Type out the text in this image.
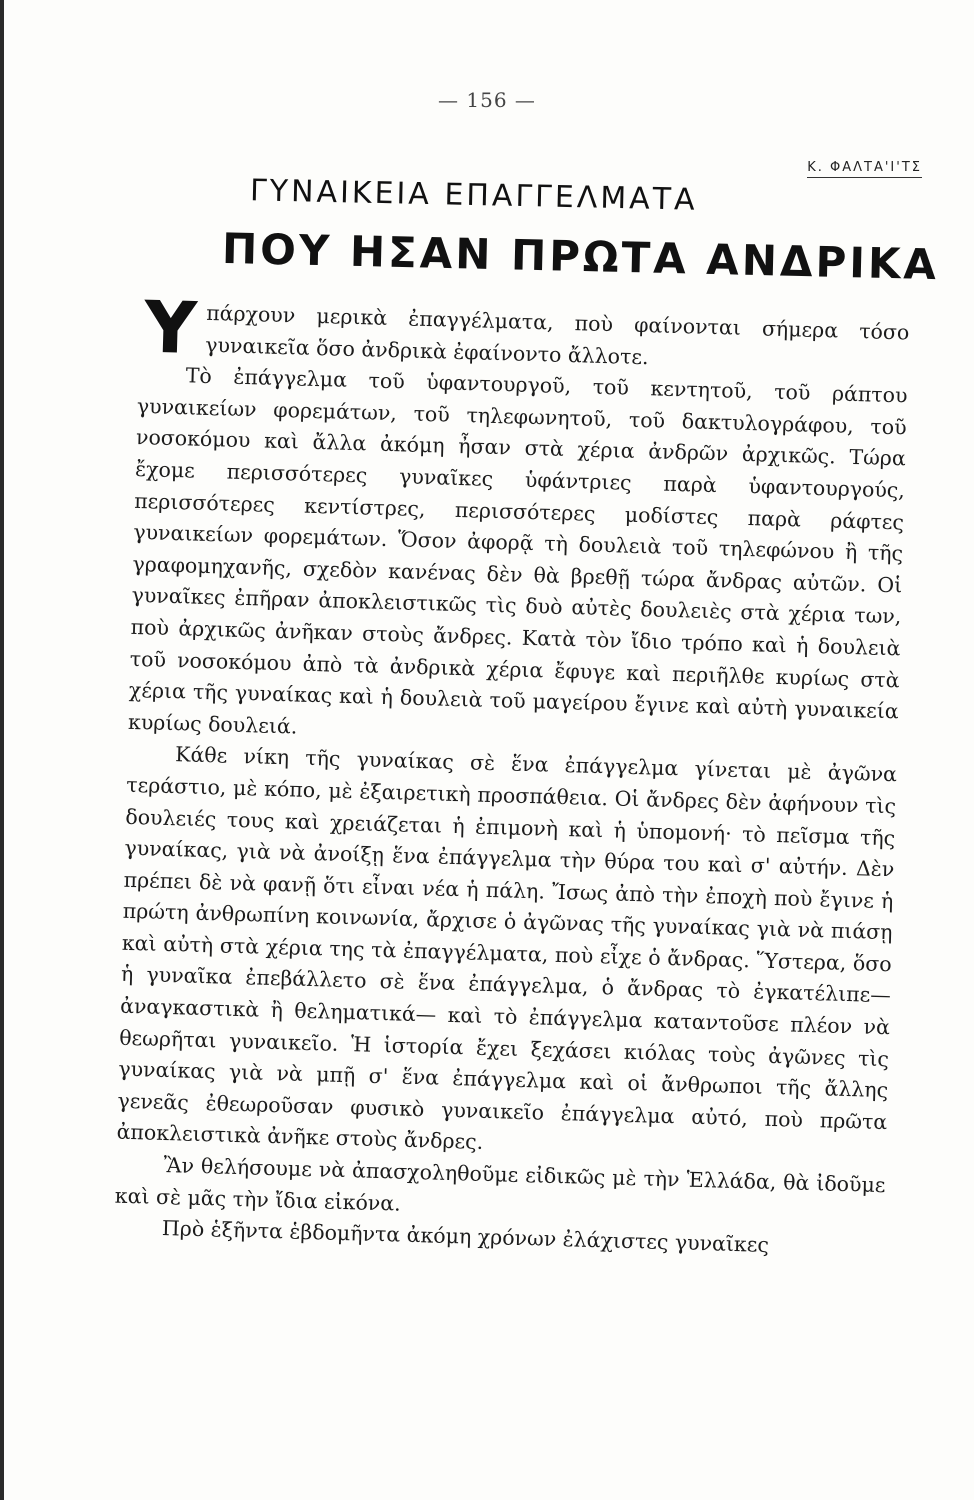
— 156 —
Κ. ΦΑΛΤΑ'Ι'ΤΣ
ΓΥΝΑΙΚΕΙΑ ΕΠΑΓΓΕΛΜΑΤΑ
ΠΟΥ ΗΣΑΝ ΠΡΩΤΑ ΑΝΔΡΙΚΑ

Υ πάρχουν μερικὰ ἐπαγγέλματα, ποὺ φαίνονται σήμερα τόσο γυναικεῖα ὅσο ἀνδρικὰ ἐφαίνοντο ἄλλοτε.

Τὸ ἐπάγγελμα τοῦ ὑφαντουργοῦ, τοῦ κεντητοῦ, τοῦ ράπτου γυναικείων φορεμάτων, τοῦ τηλεφωνητοῦ, τοῦ δακτυλογράφου, τοῦ νοσοκόμου καὶ ἄλλα ἀκόμη ἦσαν στὰ χέρια ἀνδρῶν ἀρχικῶς. Τώρα ἔχομε περισσότερες γυναῖκες ὑφάντριες παρὰ ὑφαντουργούς, περισσότερες κεντίστρες, περισσότερες μοδίστες παρὰ ράφτες γυναικείων φορεμάτων. Ὅσον ἀφορᾷ τὴ δουλειὰ τοῦ τηλεφώνου ἢ τῆς γραφομηχανῆς, σχεδὸν κανένας δὲν θὰ βρεθῇ τώρα ἄνδρας αὐτῶν. Οἱ γυναῖκες ἐπῆραν ἀποκλειστικῶς τὶς δυὸ αὐτὲς δουλειὲς στὰ χέρια των, ποὺ ἀρχικῶς ἀνῆκαν στοὺς ἄνδρες. Κατὰ τὸν ἴδιο τρόπο καὶ ἡ δουλειὰ τοῦ νοσοκόμου ἀπὸ τὰ ἀνδρικὰ χέρια ἔφυγε καὶ περιῆλθε κυρίως στὰ χέρια τῆς γυναίκας καὶ ἡ δουλειὰ τοῦ μαγείρου ἔγινε καὶ αὐτὴ γυναικεία κυρίως δουλειά.

Κάθε νίκη τῆς γυναίκας σὲ ἕνα ἐπάγγελμα γίνεται μὲ ἀγῶνα τεράστιο, μὲ κόπο, μὲ ἐξαιρετικὴ προσπάθεια. Οἱ ἄνδρες δὲν ἀφήνουν τὶς δουλειές τους καὶ χρειάζεται ἡ ἐπιμονὴ καὶ ἡ ὑπομονή· τὸ πεῖσμα τῆς γυναίκας, γιὰ νὰ ἀνοίξῃ ἕνα ἐπάγγελμα τὴν θύρα του καὶ σ' αὐτήν. Δὲν πρέπει δὲ νὰ φανῇ ὅτι εἶναι νέα ἡ πάλη. Ἴσως ἀπὸ τὴν ἐποχὴ ποὺ ἔγινε ἡ πρώτη ἀνθρωπίνη κοινωνία, ἄρχισε ὁ ἀγῶνας τῆς γυναίκας γιὰ νὰ πιάσῃ καὶ αὐτὴ στὰ χέρια της τὰ ἐπαγγέλματα, ποὺ εἶχε ὁ ἄνδρας. Ὕστερα, ὅσο ἡ γυναῖκα ἐπεβάλλετο σὲ ἕνα ἐπάγγελμα, ὁ ἄνδρας τὸ ἐγκατέλιπε— ἀναγκαστικὰ ἢ θεληματικά— καὶ τὸ ἐπάγγελμα καταντοῦσε πλέον νὰ θεωρῆται γυναικεῖο. Ἡ ἱστορία ἔχει ξεχάσει κιόλας τοὺς ἀγῶνες τὶς γυναίκας γιὰ νὰ μπῇ σ' ἕνα ἐπάγγελμα καὶ οἱ ἄνθρωποι τῆς ἄλλης γενεᾶς ἐθεωροῦσαν φυσικὸ γυναικεῖο ἐπάγγελμα αὐτό, ποὺ πρῶτα ἀποκλειστικὰ ἀνῆκε στοὺς ἄνδρες.

Ἂν θελήσουμε νὰ ἀπασχοληθοῦμε εἰδικῶς μὲ τὴν Ἑλλάδα, θὰ ἰδοῦμε καὶ σὲ μᾶς τὴν ἴδια εἰκόνα.

Πρὸ ἑξῆντα ἑβδομῆντα ἀκόμη χρόνων ἐλάχιστες γυναῖκες
